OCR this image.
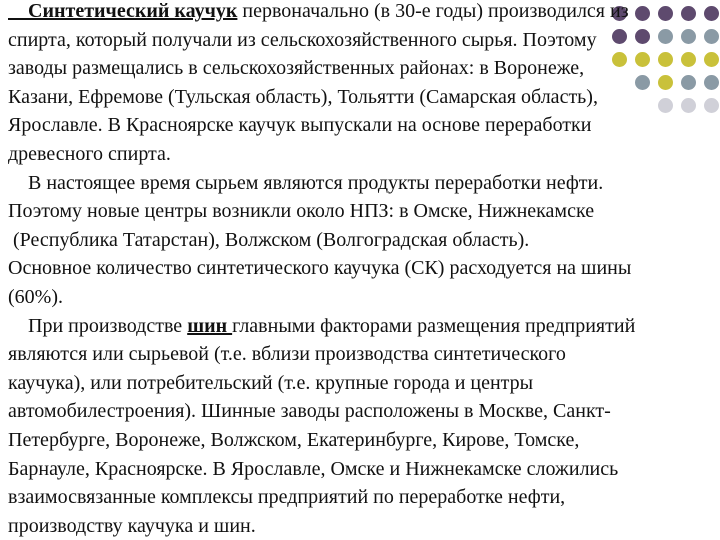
Синтетический каучук первоначально (в 30-е годы) производился из
спирта, который получали из сельскохозяйственного сырья. Поэтому
заводы размещались в сельскохозяйственных районах: в Воронеже,
Казани, Ефремове (Тульская область), Тольятти (Самарская область),
Ярославле. В Красноярске каучук выпускали на основе переработки
древесного спирта.
В настоящее время сырьем являются продукты переработки нефти.
Поэтому новые центры возникли около НПЗ: в Омске, Нижнекамске
(Республика Татарстан), Волжском (Волгоградская область).
Основное количество синтетического каучука (СК) расходуется на шины
(60%).
При производстве шин главными факторами размещения предприятий
являются или сырьевой (т.е. вблизи производства синтетического
каучука), или потребительский (т.е. крупные города и центры
автомобилестроения). Шинные заводы расположены в Москве, Санкт-
Петербурге, Воронеже, Волжском, Екатеринбурге, Кирове, Томске,
Барнауле, Красноярске. В Ярославле, Омске и Нижнекамске сложились
взаимосвязанные комплексы предприятий по переработке нефти,
производству каучука и шин.
